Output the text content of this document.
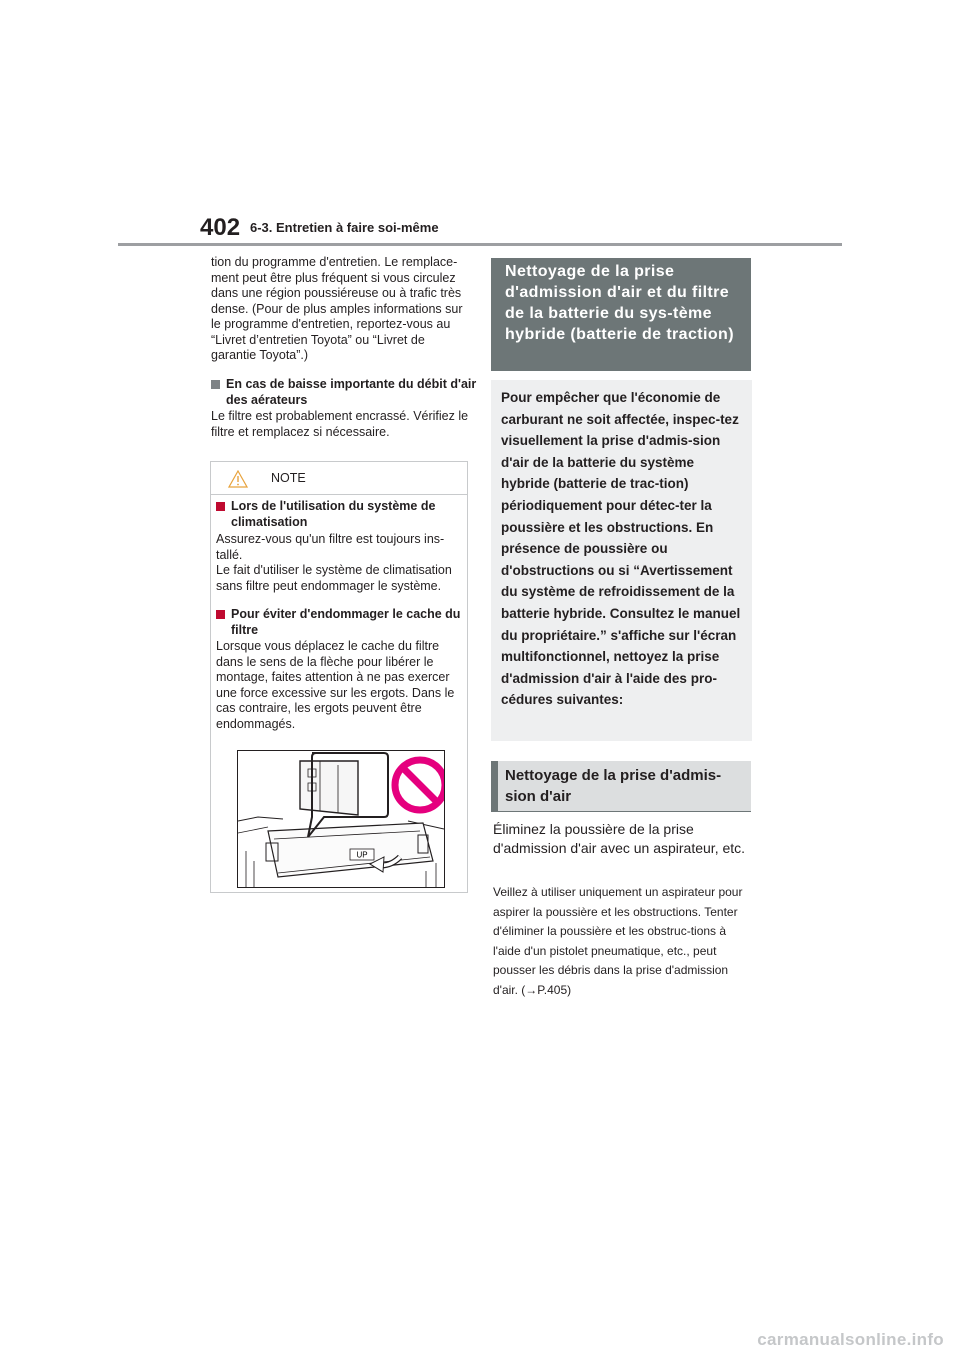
402 6-3. Entretien à faire soi-même
tion du programme d'entretien. Le remplace-ment peut être plus fréquent si vous circulez dans une région poussiéreuse ou à trafic très dense. (Pour de plus amples informations sur le programme d'entretien, reportez-vous au “Livret d’entretien Toyota” ou “Livret de garantie Toyota”.)
En cas de baisse importante du débit d'air des aérateurs
Le filtre est probablement encrassé. Vérifiez le filtre et remplacez si nécessaire.
NOTE
Lors de l'utilisation du système de climatisation
Assurez-vous qu'un filtre est toujours ins-tallé.
Le fait d'utiliser le système de climatisation sans filtre peut endommager le système.
Pour éviter d'endommager le cache du filtre
Lorsque vous déplacez le cache du filtre dans le sens de la flèche pour libérer le montage, faites attention à ne pas exercer une force excessive sur les ergots. Dans le cas contraire, les ergots peuvent être endommagés.
UP
Nettoyage de la prise d'admission d'air et du filtre de la batterie du sys-tème hybride (batterie de traction)
Pour empêcher que l'économie de carburant ne soit affectée, inspec-tez visuellement la prise d'admis-sion d'air de la batterie du système hybride (batterie de trac-tion) périodiquement pour détec-ter la poussière et les obstructions. En présence de poussière ou d'obstructions ou si “Avertissement du système de refroidissement de la batterie hybride. Consultez le manuel du propriétaire.” s'affiche sur l'écran multifonctionnel, nettoyez la prise d'admission d'air à l'aide des pro-cédures suivantes:
Nettoyage de la prise d'admis-sion d'air
Éliminez la poussière de la prise d'admission d'air avec un aspirateur, etc.
Veillez à utiliser uniquement un aspirateur pour aspirer la poussière et les obstructions. Tenter d'éliminer la poussière et les obstruc-tions à l'aide d'un pistolet pneumatique, etc., peut pousser les débris dans la prise d'admission d'air. (→P.405)
carmanualsonline.info
